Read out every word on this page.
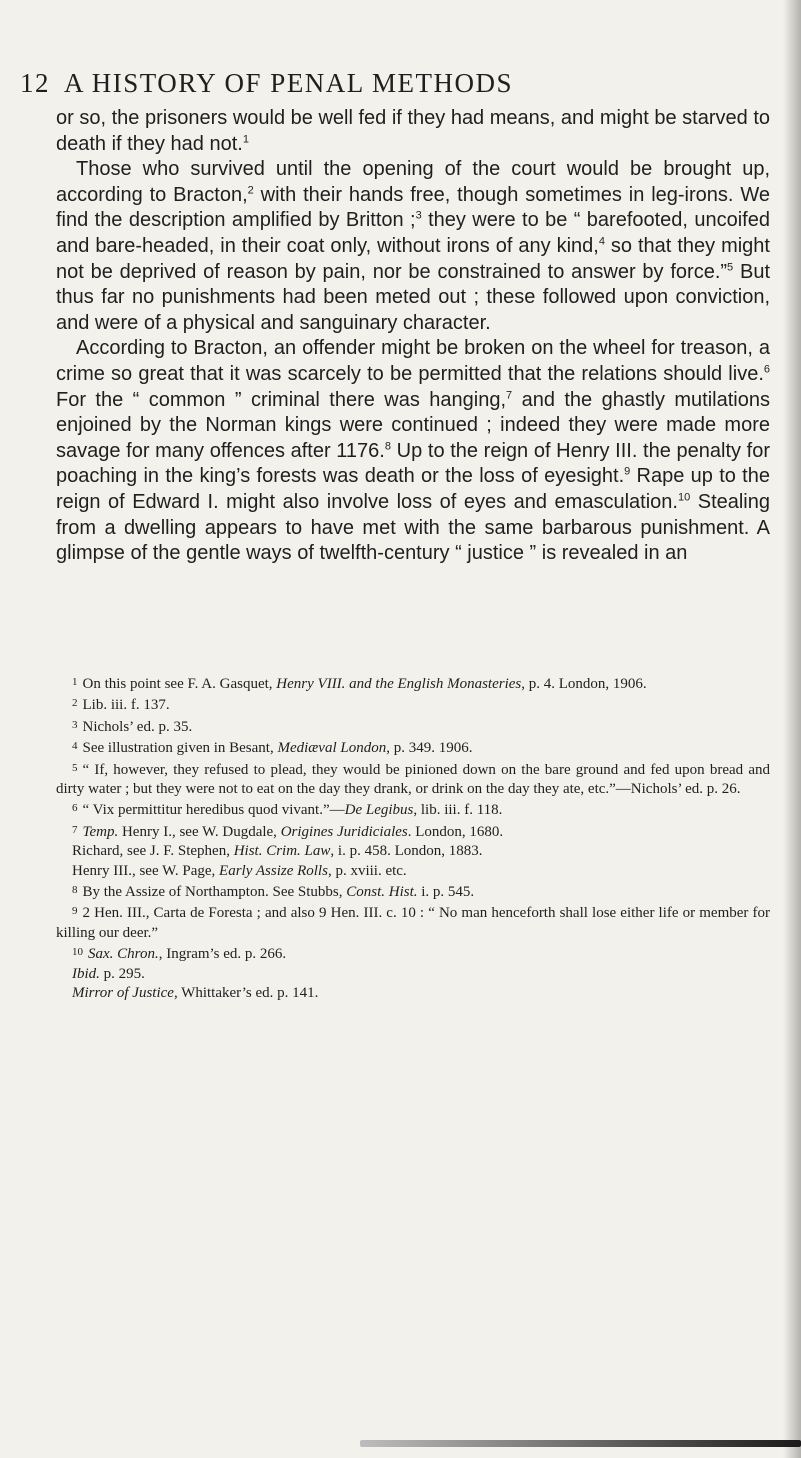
12 A HISTORY OF PENAL METHODS

or so, the prisoners would be well fed if they had means, and might be starved to death if they had not.$^1$

Those who survived until the opening of the court would be brought up, according to Bracton,$^2$ with their hands free, though sometimes in leg-irons. We find the description amplified by Britton ;$^3$ they were to be “ barefooted, uncoifed and bare-headed, in their coat only, without irons of any kind,$^4$ so that they might not be deprived of reason by pain, nor be constrained to answer by force.”$^5$ But thus far no punishments had been meted out ; these followed upon conviction, and were of a physical and sanguinary character.

According to Bracton, an offender might be broken on the wheel for treason, a crime so great that it was scarcely to be permitted that the relations should live.$^6$ For the “ common ” criminal there was hanging,$^7$ and the ghastly mutilations enjoined by the Norman kings were continued ; indeed they were made more savage for many offences after 1176.$^8$ Up to the reign of Henry III. the penalty for poaching in the king’s forests was death or the loss of eyesight.$^9$ Rape up to the reign of Edward I. might also involve loss of eyes and emasculation.$^{10}$ Stealing from a dwelling appears to have met with the same barbarous punishment. A glimpse of the gentle ways of twelfth-century “ justice ” is revealed in an

$^1$ On this point see F. A. Gasquet, Henry VIII. and the English Monasteries, p. 4. London, 1906.

$^2$ Lib. iii. f. 137.

$^3$ Nichols’ ed. p. 35.

$^4$ See illustration given in Besant, Mediæval London, p. 349. 1906.

$^5$ “ If, however, they refused to plead, they would be pinioned down on the bare ground and fed upon bread and dirty water ; but they were not to eat on the day they drank, or drink on the day they ate, etc.”—Nichols’ ed. p. 26.

$^6$ “ Vix permittitur heredibus quod vivant.”—De Legibus, lib. iii. f. 118.

$^7$ Temp. Henry I., see W. Dugdale, Origines Juridiciales. London, 1680.

Richard, see J. F. Stephen, Hist. Crim. Law, i. p. 458. London, 1883.

Henry III., see W. Page, Early Assize Rolls, p. xviii. etc.

$^8$ By the Assize of Northampton. See Stubbs, Const. Hist. i. p. 545.

$^9$ 2 Hen. III., Carta de Foresta ; and also 9 Hen. III. c. 10 : “ No man henceforth shall lose either life or member for killing our deer.”

$^{10}$ Sax. Chron., Ingram’s ed. p. 266.

Ibid. p. 295.

Mirror of Justice, Whittaker’s ed. p. 141.
